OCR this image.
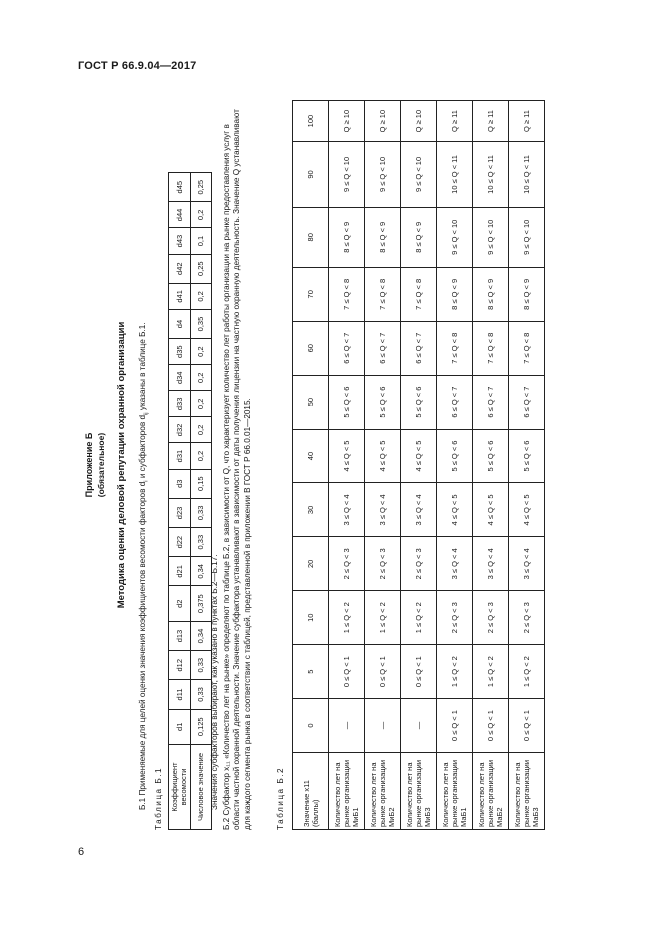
ГОСТ Р 66.9.04—2017
6
Приложение Б (обязательное) Методика оценки деловой репутации охранной организации
Б.1 Применяемые для целей оценки значения коэффициентов весомости факторов $d_i$ и субфакторов $d_{ij}$ указаны в таблице Б.1.
Таблица Б.1 Коэффициент весомости	d1	d11	d12	d13	d2	d21	d22	d23	d3	d31	d32	d33	d34	d35	d4	d41	d42	d43	d44	d45
Числовое значение	0,125	0,33	0,33	0,34	0,375	0,34	0,33	0,33	0,15	0,2	0,2	0,2	0,2	0,2	0,35	0,2	0,25	0,1	0,2	0,25
Значения субфакторов выбирают, как указано в пунктах Б.2—Б.17. Б.2 Субфактор x₁₁ «Количество лет на рынке» определяют по таблице Б.2, в зависимости от Q, что характеризует количество лет работы организации на рынке предоставления услуг в области частной охранной деятельности. Значение субфактора устанавливают в зависимости от даты получения лицензии на частную охранную деятельность. Значение Q устанавливают для каждого сегмента рынка в соответствии с таблицей, представленной в приложении В ГОСТ Р 66.0.01—2015.	Таблица Б.2 Значение x11 (баллы)	0	5	10	20	30	40	50	60	70	80	90	100
Количество лет на рынке организации МиБ1	—	0 ≤ Q < 1	1 ≤ Q < 2	2 ≤ Q < 3	3 ≤ Q < 4	4 ≤ Q < 5	5 ≤ Q < 6	6 ≤ Q < 7	7 ≤ Q < 8	8 ≤ Q < 9	9 ≤ Q < 10	Q ≥ 10
Количество лет на рынке организации МиБ2	—	0 ≤ Q < 1	1 ≤ Q < 2	2 ≤ Q < 3	3 ≤ Q < 4	4 ≤ Q < 5	5 ≤ Q < 6	6 ≤ Q < 7	7 ≤ Q < 8	8 ≤ Q < 9	9 ≤ Q < 10	Q ≥ 10
Количество лет на рынке организации МиБ3	—	0 ≤ Q < 1	1 ≤ Q < 2	2 ≤ Q < 3	3 ≤ Q < 4	4 ≤ Q < 5	5 ≤ Q < 6	6 ≤ Q < 7	7 ≤ Q < 8	8 ≤ Q < 9	9 ≤ Q < 10	Q ≥ 10
Количество лет на рынке организации МаБ1	0 ≤ Q < 1	1 ≤ Q < 2	2 ≤ Q < 3	3 ≤ Q < 4	4 ≤ Q < 5	5 ≤ Q < 6	6 ≤ Q < 7	7 ≤ Q < 8	8 ≤ Q < 9	9 ≤ Q < 10	10 ≤ Q < 11	Q ≥ 11
Количество лет на рынке организации МаБ2	0 ≤ Q < 1	1 ≤ Q < 2	2 ≤ Q < 3	3 ≤ Q < 4	4 ≤ Q < 5	5 ≤ Q < 6	6 ≤ Q < 7	7 ≤ Q < 8	8 ≤ Q < 9	9 ≤ Q < 10	10 ≤ Q < 11	Q ≥ 11
Количество лет на рынке организации МаБ3	0 ≤ Q < 1	1 ≤ Q < 2	2 ≤ Q < 3	3 ≤ Q < 4	4 ≤ Q < 5	5 ≤ Q < 6	6 ≤ Q < 7	7 ≤ Q < 8	8 ≤ Q < 9	9 ≤ Q < 10	10 ≤ Q < 11	Q ≥ 11
